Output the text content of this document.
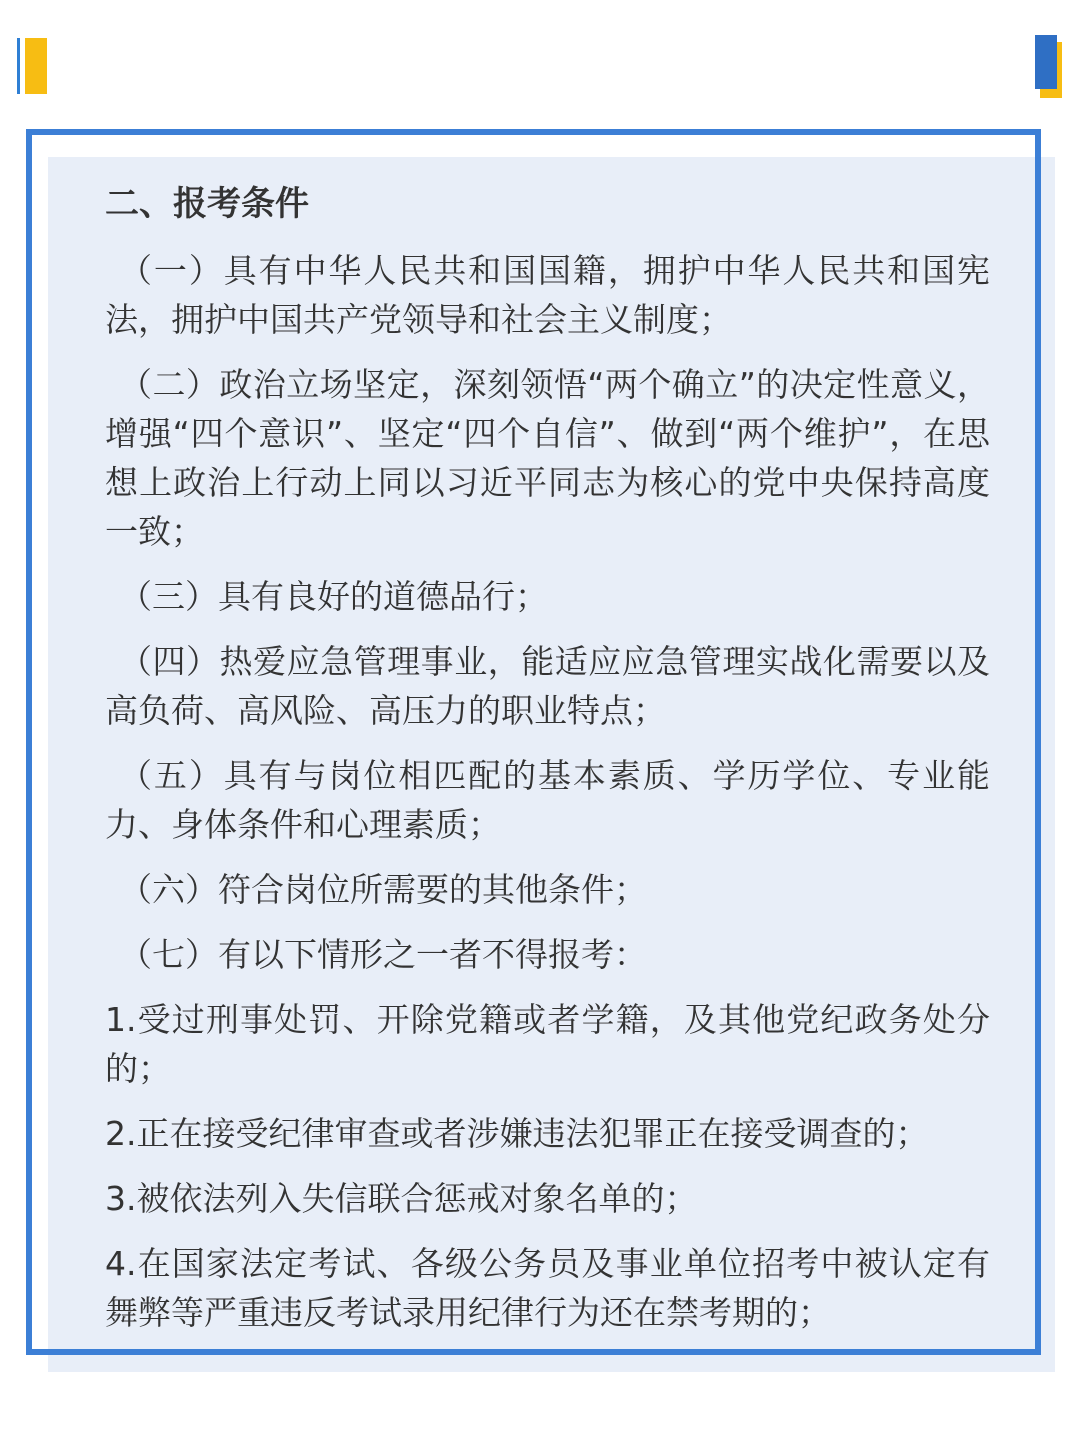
二、报考条件

（一）具有中华人民共和国国籍，拥护中华人民共和国宪法，拥护中国共产党领导和社会主义制度；

（二）政治立场坚定，深刻领悟“两个确立”的决定性意义，增强“四个意识”、坚定“四个自信”、做到“两个维护”，在思想上政治上行动上同以习近平同志为核心的党中央保持高度一致；

（三）具有良好的道德品行；

（四）热爱应急管理事业，能适应应急管理实战化需要以及高负荷、高风险、高压力的职业特点；

（五）具有与岗位相匹配的基本素质、学历学位、专业能力、身体条件和心理素质；

（六）符合岗位所需要的其他条件；

（七）有以下情形之一者不得报考：

1.受过刑事处罚、开除党籍或者学籍，及其他党纪政务处分的；

2.正在接受纪律审查或者涉嫌违法犯罪正在接受调查的；

3.被依法列入失信联合惩戒对象名单的；

4.在国家法定考试、各级公务员及事业单位招考中被认定有舞弊等严重违反考试录用纪律行为还在禁考期的；
